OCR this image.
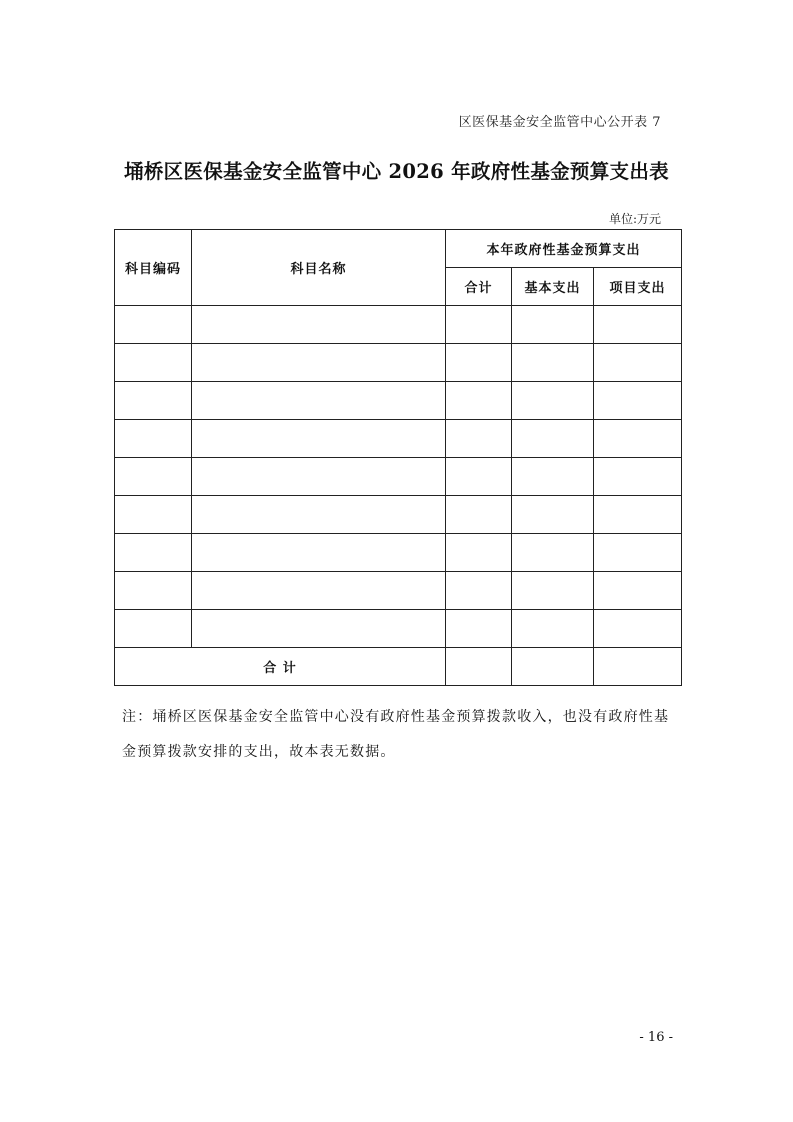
区医保基金安全监管中心公开表 7
埇桥区医保基金安全监管中心 2026 年政府性基金预算支出表
单位:万元
科目编码	科目名称	本年政府性基金预算支出		
		合计	基本支出	项目支出

合 计				
注：埇桥区医保基金安全监管中心没有政府性基金预算拨款收入，也没有政府性基金预算拨款安排的支出，故本表无数据。
- 16 -
